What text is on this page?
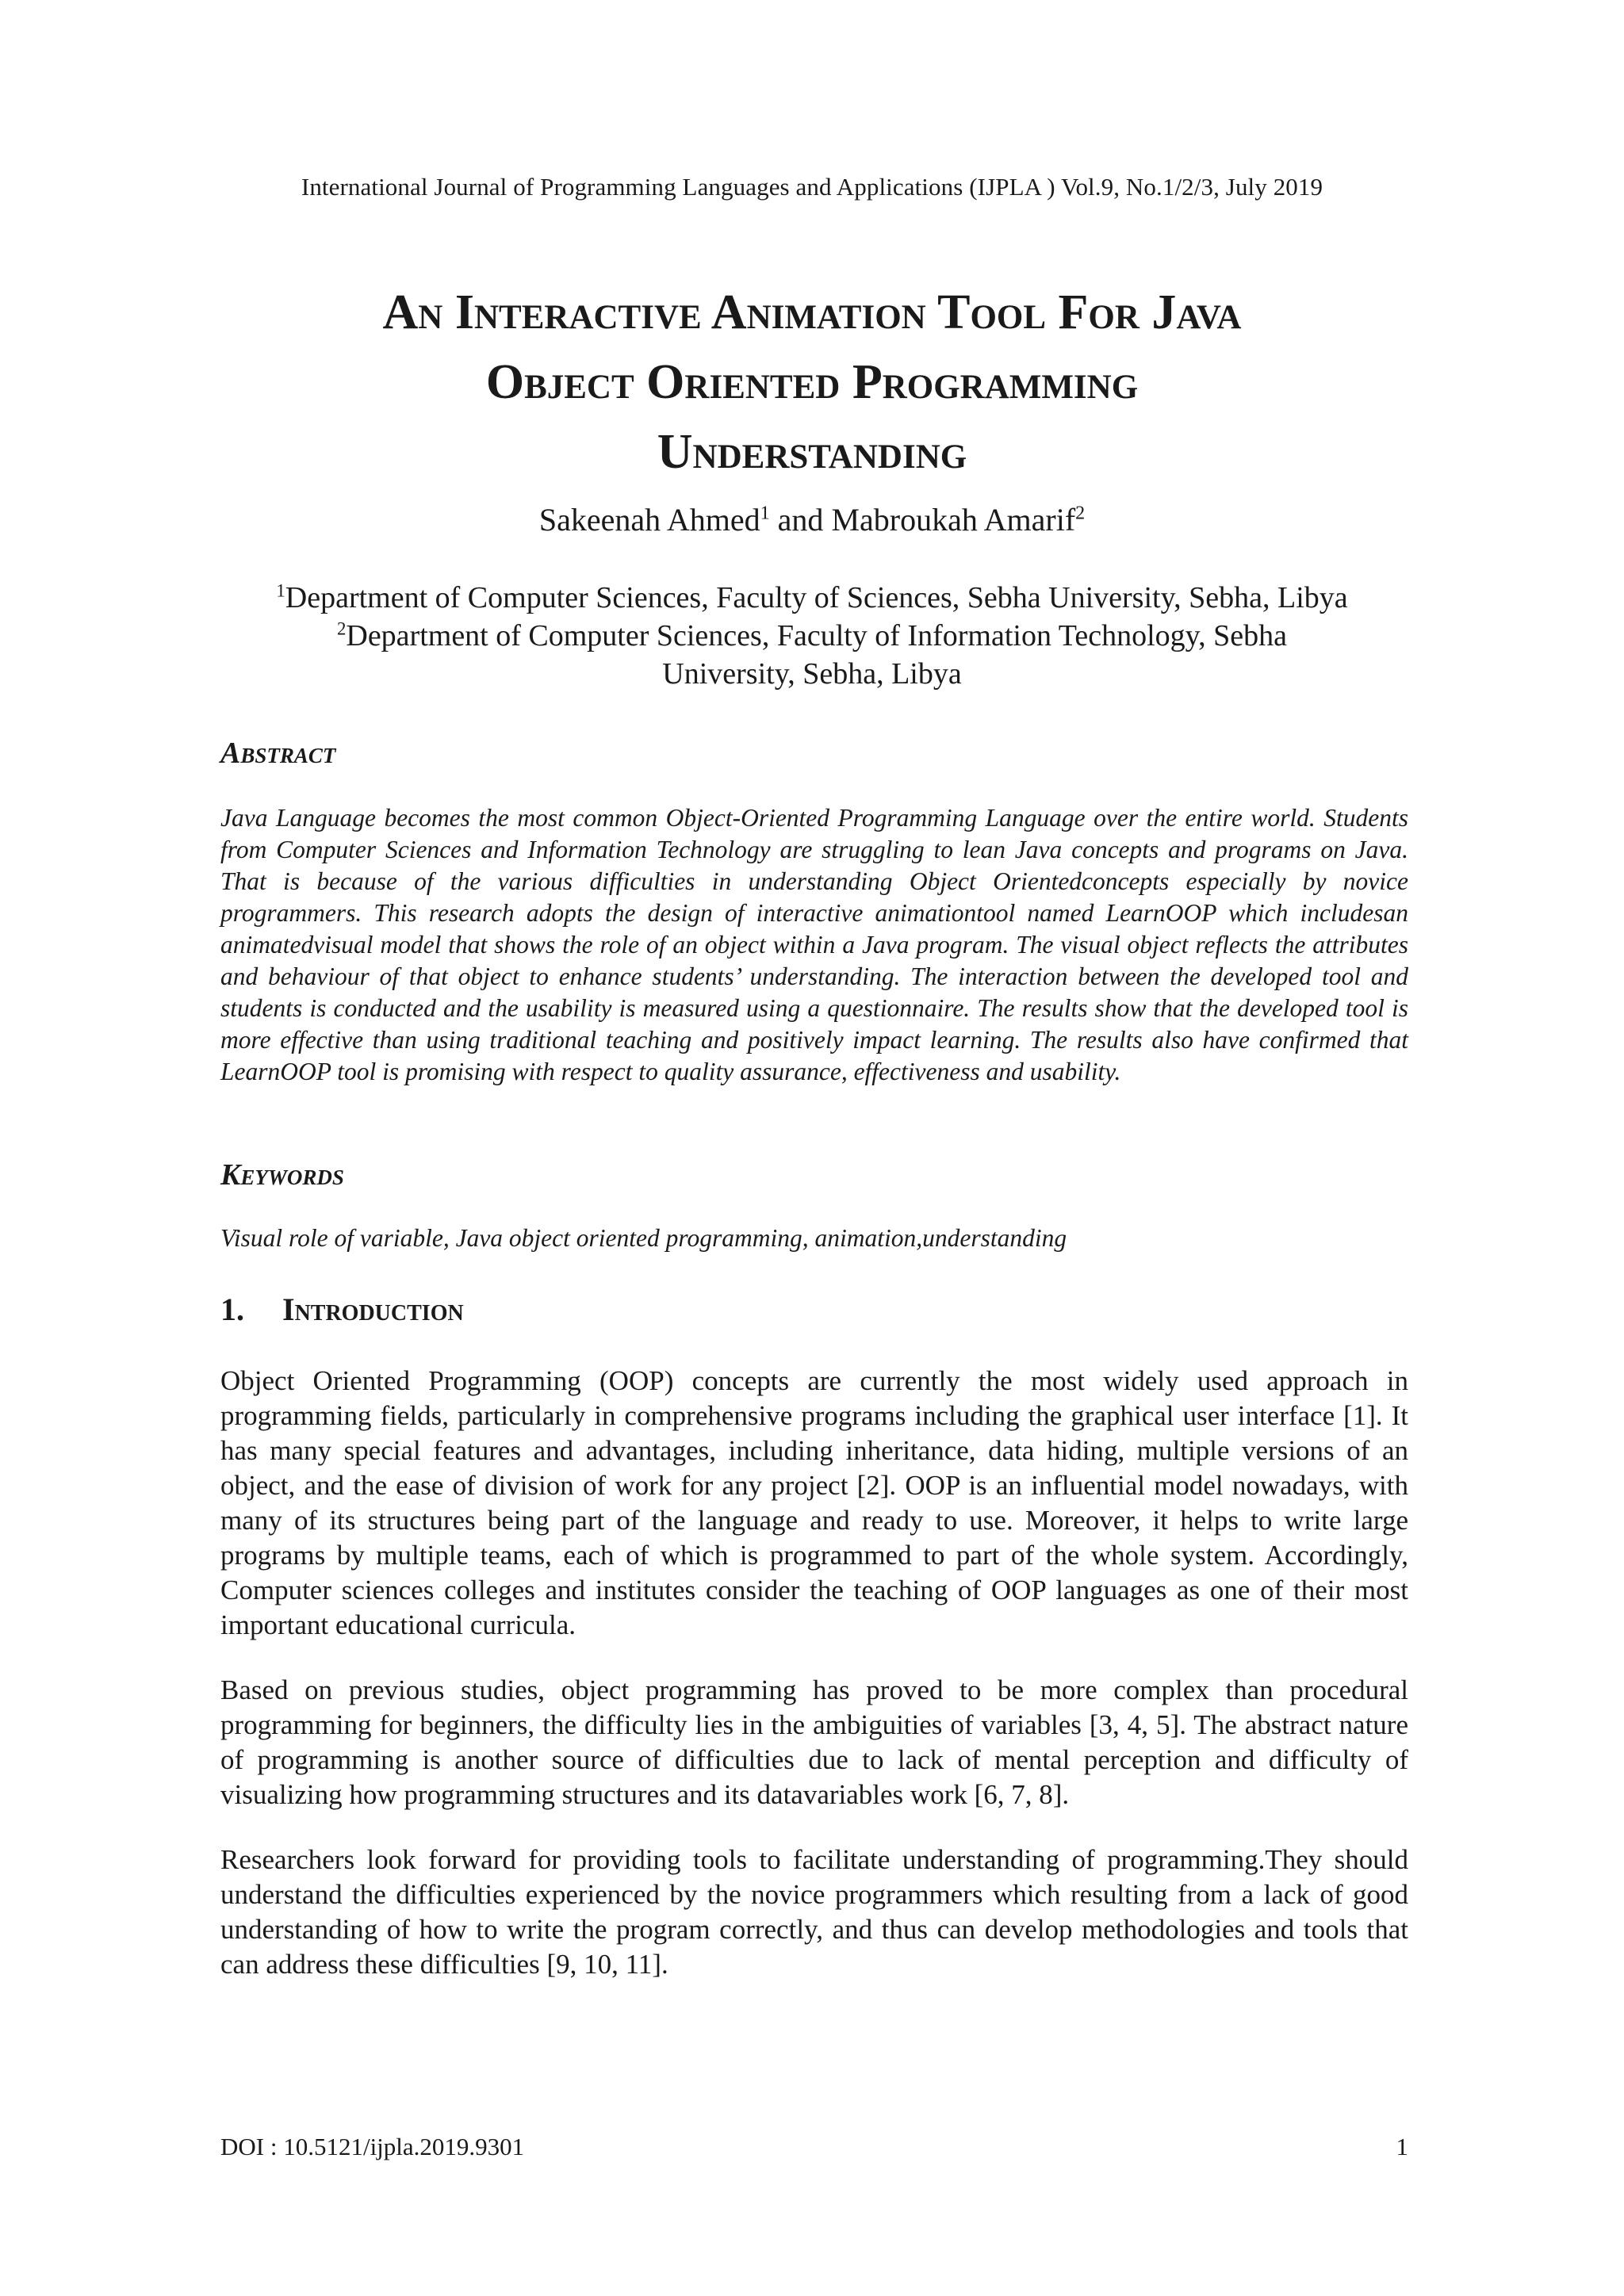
International Journal of Programming Languages and Applications (IJPLA ) Vol.9, No.1/2/3, July 2019
An Interactive Animation Tool For Java
Object Oriented Programming
Understanding
Sakeenah Ahmed$^1$ and Mabroukah Amarif$^2$
$^1$Department of Computer Sciences, Faculty of Sciences, Sebha University, Sebha, Libya
$^2$Department of Computer Sciences, Faculty of Information Technology, Sebha
University, Sebha, Libya
Abstract

Java Language becomes the most common Object-Oriented Programming Language over the entire world. Students from Computer Sciences and Information Technology are struggling to lean Java concepts and programs on Java. That is because of the various difficulties in understanding Object Orientedconcepts especially by novice programmers. This research adopts the design of interactive animationtool named LearnOOP which includesan animatedvisual model that shows the role of an object within a Java program. The visual object reflects the attributes and behaviour of that object to enhance students’ understanding. The interaction between the developed tool and students is conducted and the usability is measured using a questionnaire. The results show that the developed tool is more effective than using traditional teaching and positively impact learning. The results also have confirmed that LearnOOP tool is promising with respect to quality assurance, effectiveness and usability.

Keywords

Visual role of variable, Java object oriented programming, animation,understanding

1. Introduction

Object Oriented Programming (OOP) concepts are currently the most widely used approach in programming fields, particularly in comprehensive programs including the graphical user interface [1]. It has many special features and advantages, including inheritance, data hiding, multiple versions of an object, and the ease of division of work for any project [2]. OOP is an influential model nowadays, with many of its structures being part of the language and ready to use. Moreover, it helps to write large programs by multiple teams, each of which is programmed to part of the whole system. Accordingly, Computer sciences colleges and institutes consider the teaching of OOP languages as one of their most important educational curricula.

Based on previous studies, object programming has proved to be more complex than procedural programming for beginners, the difficulty lies in the ambiguities of variables [3, 4, 5]. The abstract nature of programming is another source of difficulties due to lack of mental perception and difficulty of visualizing how programming structures and its datavariables work [6, 7, 8].

Researchers look forward for providing tools to facilitate understanding of programming.They should understand the difficulties experienced by the novice programmers which resulting from a lack of good understanding of how to write the program correctly, and thus can develop methodologies and tools that can address these difficulties [9, 10, 11].

DOI : 10.5121/ijpla.2019.9301	1
